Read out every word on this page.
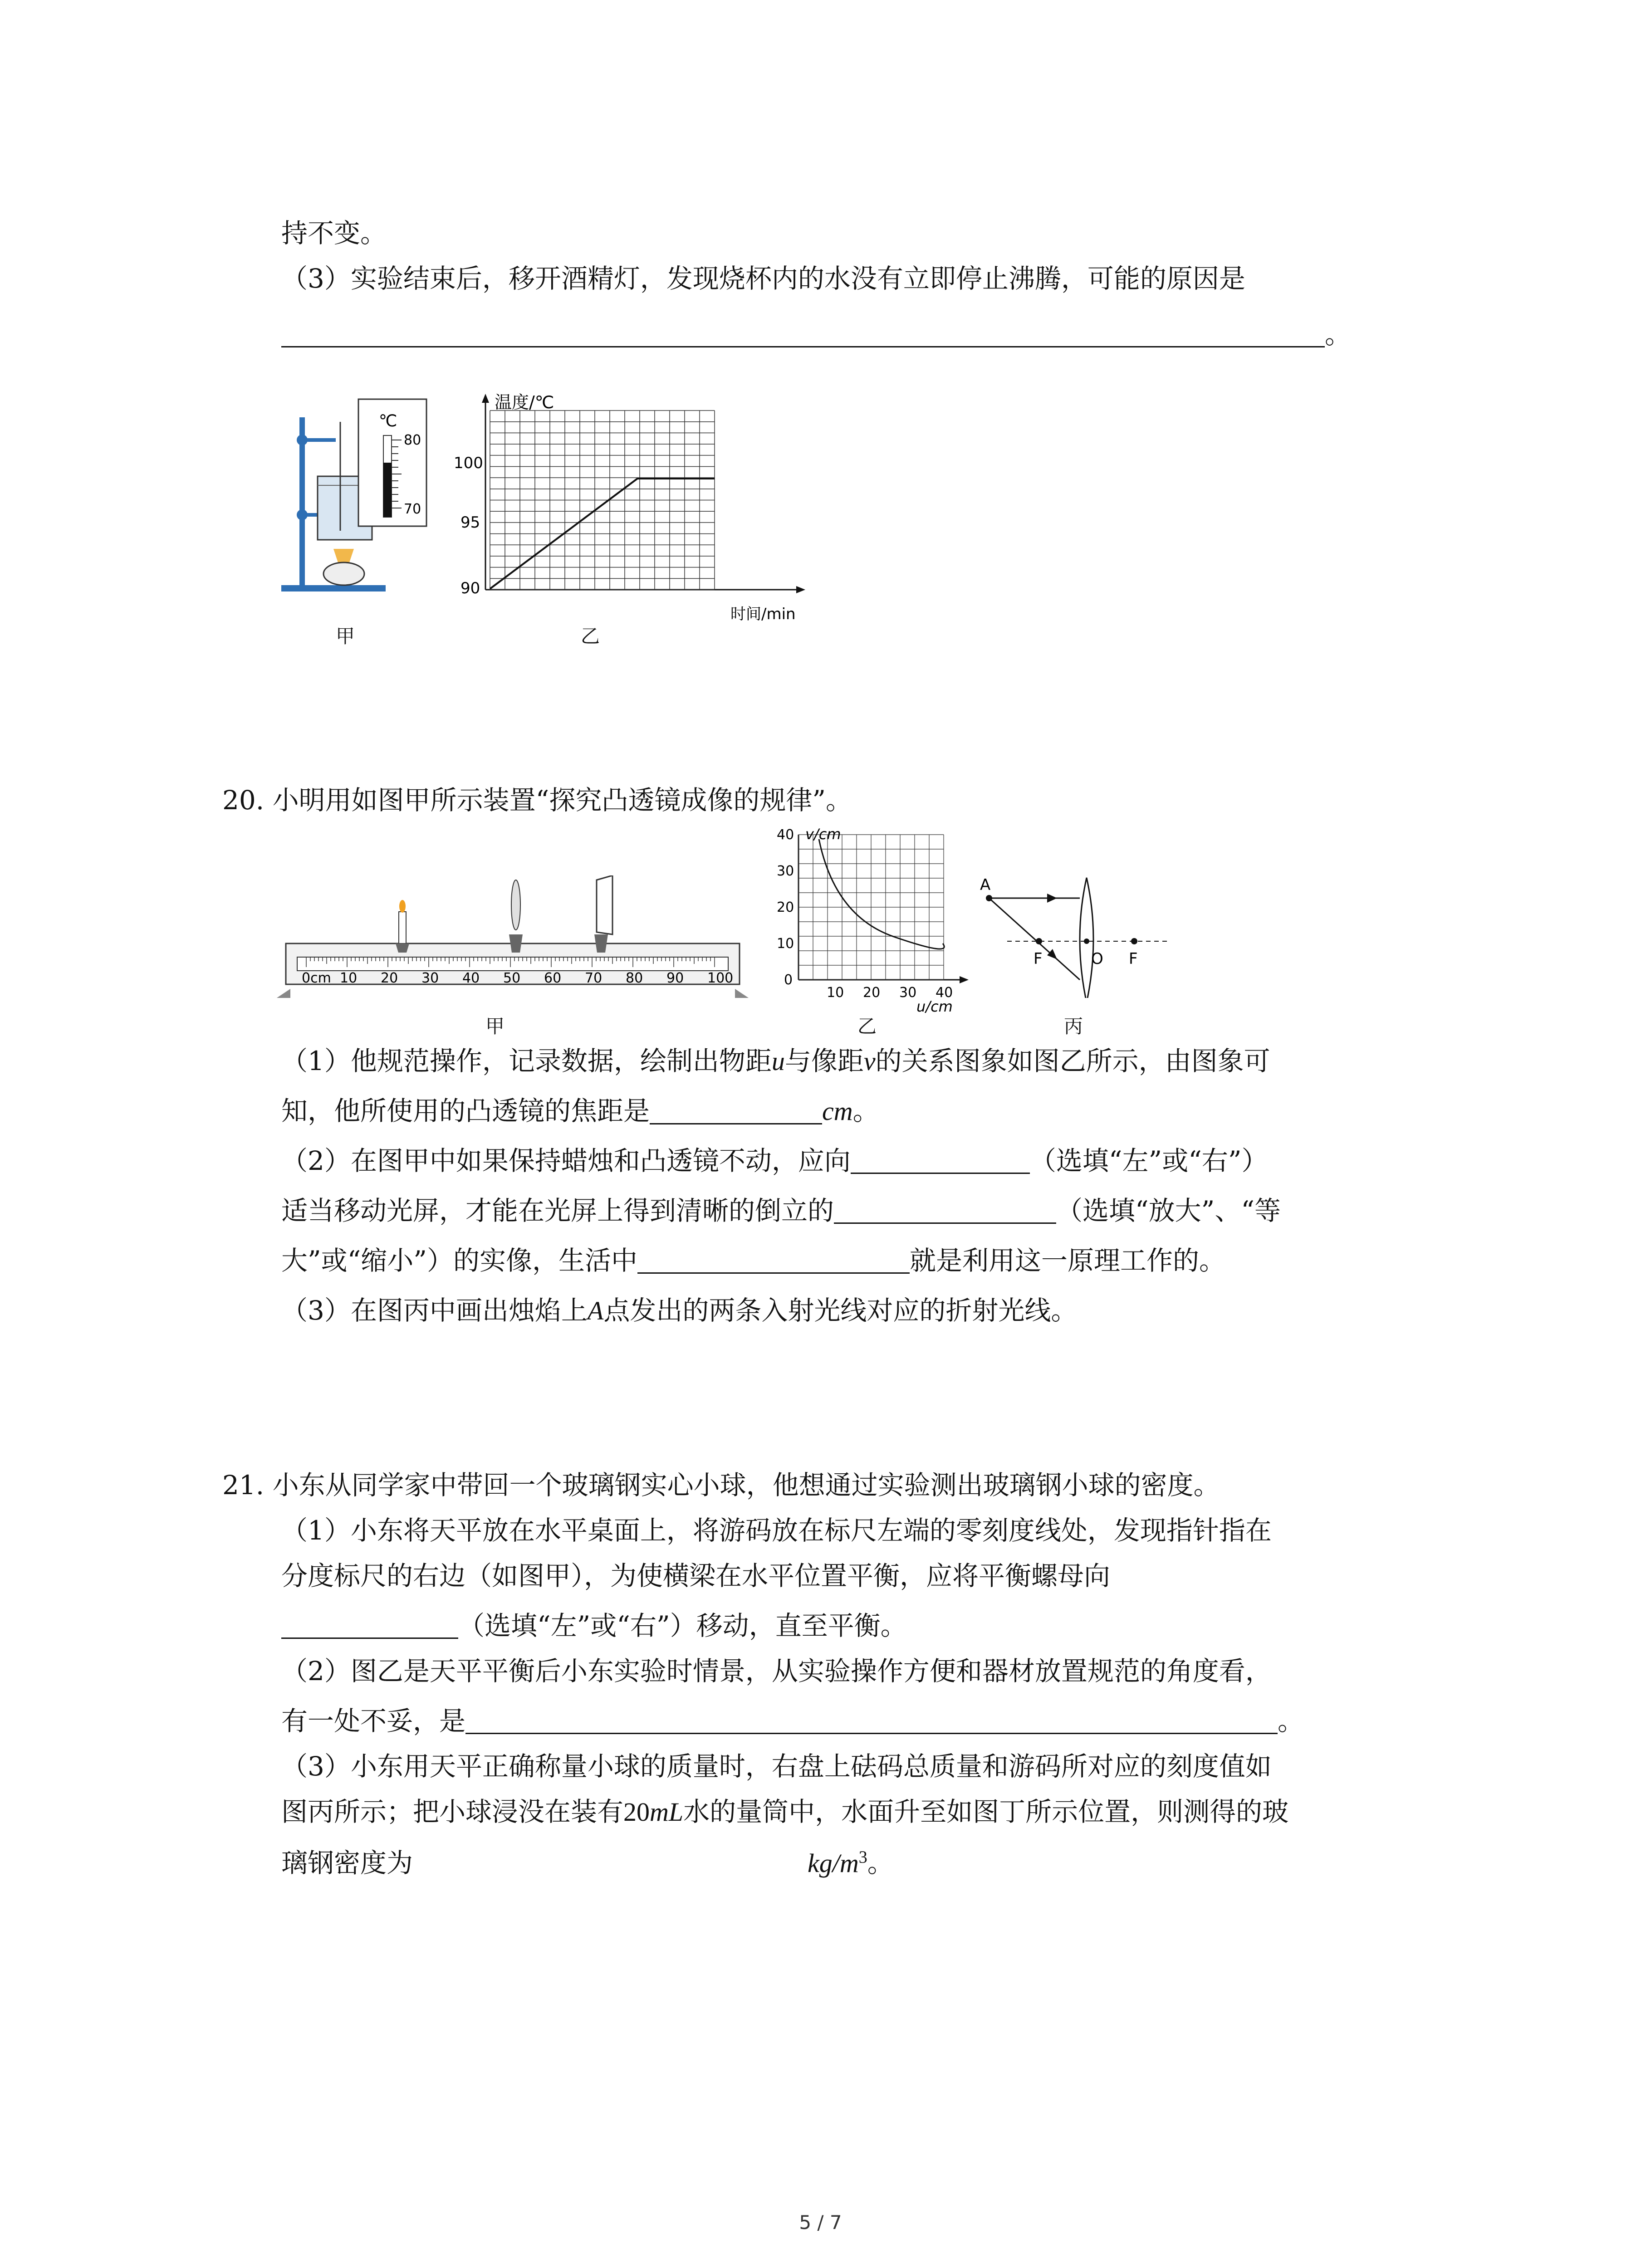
持不变。
（3）实验结束后，移开酒精灯，发现烧杯内的水没有立即停止沸腾，可能的原因是
。
℃
80
70
甲
温度/℃
100
95
90
时间/min
乙
20. 小明用如图甲所示装置“探究凸透镜成像的规律”。
0cm 10 20 30 40 50 60 70 80 90 100
甲
v/cm
40
30
20
10
0
10 20 30 40
u/cm
乙
A
F	O F
丙
（1）他规范操作，记录数据，绘制出物距u与像距v的关系图象如图乙所示，由图象可
知，他所使用的凸透镜的焦距是	cm。
（2）在图甲中如果保持蜡烛和凸透镜不动，应向	（选填“左”或“右”）
适当移动光屏，才能在光屏上得到清晰的倒立的	（选填“放大”、“等
大”或“缩小”）的实像，生活中	就是利用这一原理工作的。
（3）在图丙中画出烛焰上A点发出的两条入射光线对应的折射光线。
21. 小东从同学家中带回一个玻璃钢实心小球，他想通过实验测出玻璃钢小球的密度。
（1）小东将天平放在水平桌面上，将游码放在标尺左端的零刻度线处，发现指针指在
分度标尺的右边（如图甲），为使横梁在水平位置平衡，应将平衡螺母向
（选填“左”或“右”）移动，直至平衡。
（2）图乙是天平平衡后小东实验时情景，从实验操作方便和器材放置规范的角度看，
有一处不妥，是	。
（3）小东用天平正确称量小球的质量时，右盘上砝码总质量和游码所对应的刻度值如
图丙所示；把小球浸没在装有20mL水的量筒中，水面升至如图丁所示位置，则测得的玻
璃钢密度为	$kg/m^3$。
5 / 7
